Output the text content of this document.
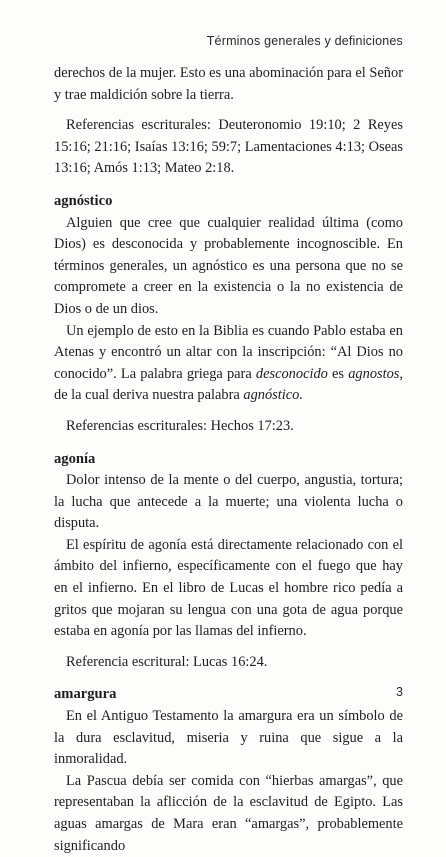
Términos generales y definiciones

derechos de la mujer. Esto es una abominación para el Señor y trae maldición sobre la tierra.

Referencias escriturales: Deuteronomio 19:10; 2 Reyes 15:16; 21:16; Isaías 13:16; 59:7; Lamentaciones 4:13; Oseas 13:16; Amós 1:13; Mateo 2:18.

agnóstico

Alguien que cree que cualquier realidad última (como Dios) es desconocida y probablemente incognoscible. En términos generales, un agnóstico es una persona que no se compromete a creer en la existencia o la no existencia de Dios o de un dios.

Un ejemplo de esto en la Biblia es cuando Pablo estaba en Atenas y encontró un altar con la inscripción: “Al Dios no conocido”. La palabra griega para desconocido es agnostos, de la cual deriva nuestra palabra agnóstico.

Referencias escriturales: Hechos 17:23.

agonía

Dolor intenso de la mente o del cuerpo, angustia, tortura; la lucha que antecede a la muerte; una violenta lucha o disputa.

El espíritu de agonía está directamente relacionado con el ámbito del infierno, específicamente con el fuego que hay en el infierno. En el libro de Lucas el hombre rico pedía a gritos que mojaran su lengua con una gota de agua porque estaba en agonía por las llamas del infierno.

Referencia escritural: Lucas 16:24.

amargura

En el Antiguo Testamento la amargura era un símbolo de la dura esclavitud, miseria y ruina que sigue a la inmoralidad.

La Pascua debía ser comida con “hierbas amargas”, que representaban la aflicción de la esclavitud de Egipto. Las aguas amargas de Mara eran “amargas”, probablemente significando

3
